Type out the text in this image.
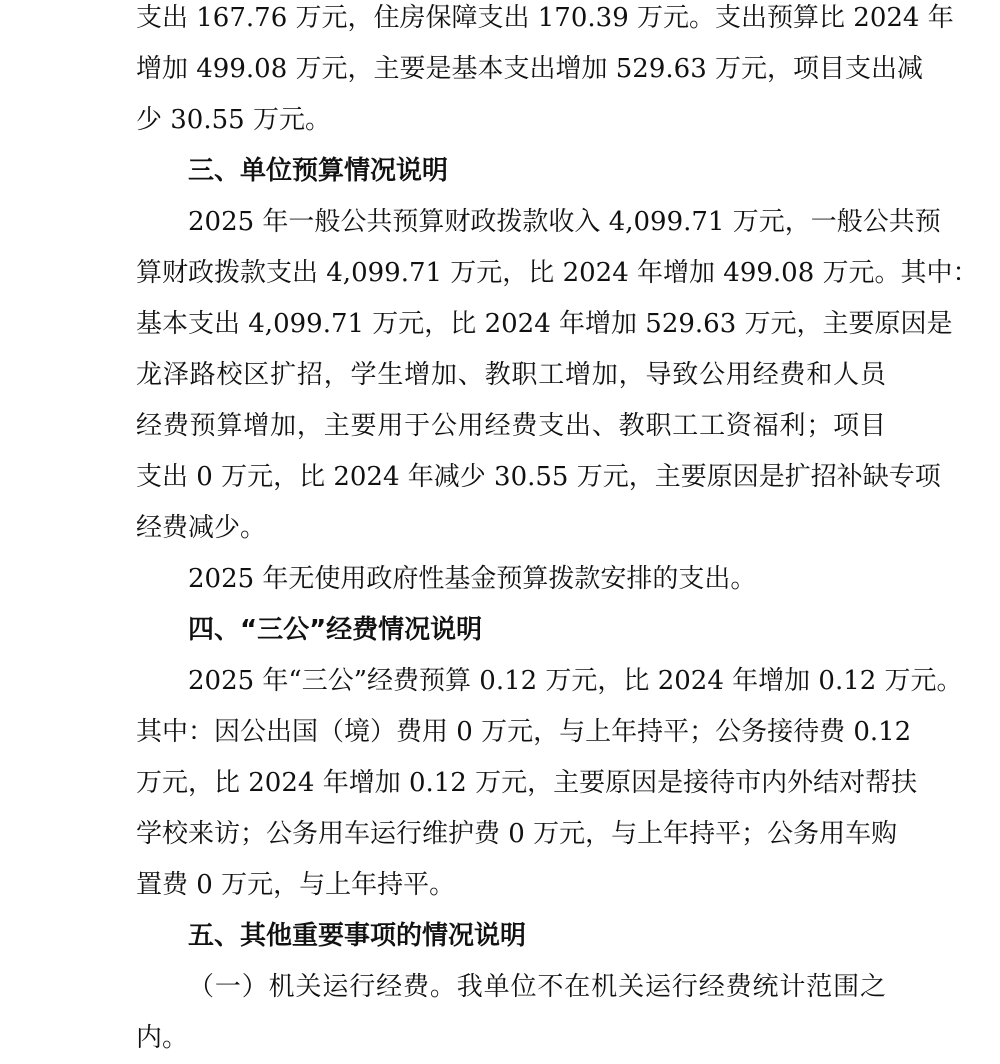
支出 167.76 万元，住房保障支出 170.39 万元。支出预算比 2024 年
增加 499.08 万元，主要是基本支出增加 529.63 万元，项目支出减
少 30.55 万元。
三、单位预算情况说明
2025 年一般公共预算财政拨款收入 4,099.71 万元，一般公共预
算财政拨款支出 4,099.71 万元，比 2024 年增加 499.08 万元。其中：
基本支出 4,099.71 万元，比 2024 年增加 529.63 万元，主要原因是
龙泽路校区扩招，学生增加、教职工增加，导致公用经费和人员
经费预算增加，主要用于公用经费支出、教职工工资福利；项目
支出 0 万元，比 2024 年减少 30.55 万元，主要原因是扩招补缺专项
经费减少。
2025 年无使用政府性基金预算拨款安排的支出。
四、“三公”经费情况说明
2025 年“三公”经费预算 0.12 万元，比 2024 年增加 0.12 万元。
其中：因公出国（境）费用 0 万元，与上年持平；公务接待费 0.12
万元，比 2024 年增加 0.12 万元，主要原因是接待市内外结对帮扶
学校来访；公务用车运行维护费 0 万元，与上年持平；公务用车购
置费 0 万元，与上年持平。
五、其他重要事项的情况说明
（一）机关运行经费。我单位不在机关运行经费统计范围之
内。
